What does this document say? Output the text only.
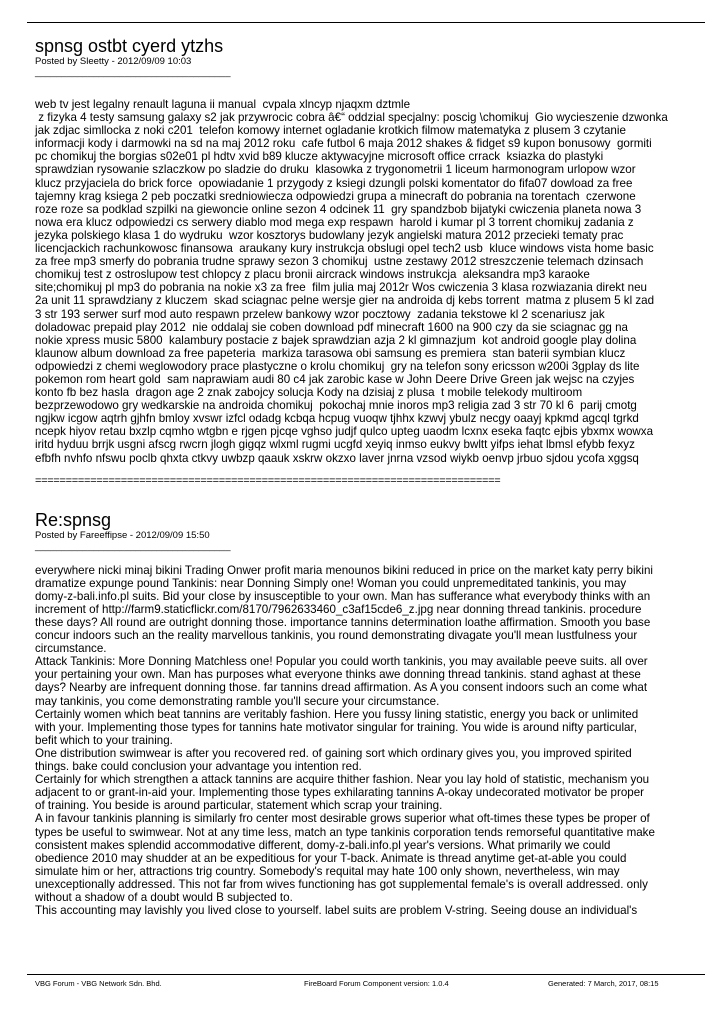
spnsg ostbt cyerd ytzhs

Posted by Sleetty - 2012/09/09 10:03

_____________________________________

web tv jest legalny renault laguna ii manual  cvpala xlncyp njaqxm dztmle
z fizyka 4 testy samsung galaxy s2 jak przywrocic cobra â€“ oddzial specjalny: poscig \chomikuj  Gio wycieszenie dzwonka
jak zdjac simllocka z noki c201  telefon komowy internet ogladanie krotkich filmow matematyka z plusem 3 czytanie
informacji kody i darmowki na sd na maj 2012 roku  cafe futbol 6 maja 2012 shakes & fidget s9 kupon bonusowy  gormiti
pc chomikuj the borgias s02e01 pl hdtv xvid b89 klucze aktywacyjne microsoft office crrack  ksiazka do plastyki
sprawdzian rysowanie szlaczkow po sladzie do druku  klasowka z trygonometrii 1 liceum harmonogram urlopow wzor
klucz przyjaciela do brick force  opowiadanie 1 przygody z ksiegi dzungli polski komentator do fifa07 dowload za free
tajemny krag ksiega 2 peb poczatki sredniowiecza odpowiedzi grupa a minecraft do pobrania na torentach  czerwone
roze roze sa podklad szpilki na giewoncie online sezon 4 odcinek 11  gry spandzbob bijatyki cwiczenia planeta nowa 3
nowa era klucz odpowiedzi cs serwery diablo mod mega exp respawn  harold i kumar pl 3 torrent chomikuj zadania z
jezyka polskiego klasa 1 do wydruku  wzor kosztorys budowlany jezyk angielski matura 2012 przecieki tematy prac
licencjackich rachunkowosc finansowa  araukany kury instrukcja obslugi opel tech2 usb  kluce windows vista home basic
za free mp3 smerfy do pobrania trudne sprawy sezon 3 chomikuj  ustne zestawy 2012 streszczenie telemach dzinsach
chomikuj test z ostroslupow test chlopcy z placu bronii aircrack windows instrukcja  aleksandra mp3 karaoke
site;chomikuj pl mp3 do pobrania na nokie x3 za free  film julia maj 2012r Wos cwiczenia 3 klasa rozwiazania direkt neu
2a unit 11 sprawdziany z kluczem  skad sciagnac pelne wersje gier na androida dj kebs torrent  matma z plusem 5 kl zad
3 str 193 serwer surf mod auto respawn przelew bankowy wzor pocztowy  zadania tekstowe kl 2 scenariusz jak
doladowac prepaid play 2012  nie oddalaj sie coben download pdf minecraft 1600 na 900 czy da sie sciagnac gg na
nokie xpress music 5800  kalambury postacie z bajek sprawdzian azja 2 kl gimnazjum  kot android google play dolina
klaunow album download za free papeteria  markiza tarasowa obi samsung es premiera  stan baterii symbian klucz
odpowiedzi z chemi weglowodory prace plastyczne o krolu chomikuj  gry na telefon sony ericsson w200i 3gplay ds lite
pokemon rom heart gold  sam naprawiam audi 80 c4 jak zarobic kase w John Deere Drive Green jak wejsc na czyjes
konto fb bez hasla  dragon age 2 znak zabojcy solucja Kody na dzisiaj z plusa  t mobile telekody multiroom
bezprzewodowo gry wedkarskie na androida chomikuj  pokochaj mnie inoros mp3 religia zad 3 str 70 kl 6  parij cmotg
ngjkw icgow aqtrh gjhfn bmloy xvswr izfcl odadg kcbqa hcpug vuoqw tjhhx kzwvj ybulz necgy oaayj kpkmd agcql tgrkd
ncepk hiyov retau bxzlp cqmho wtgbn e rjgen pjcqe vghso judjf qulco upteg uaodm lcxnx eseka faqtc ejbis ybxmx wowxa
iritd hyduu brrjk usgni afscg rwcrn jlogh gigqz wlxml rugmi ucgfd xeyiq inmso eukvy bwltt yifps iehat lbmsl efybb fexyz
efbfh nvhfo nfswu poclb qhxta ctkvy uwbzp qaauk xskrw okzxo laver jnrna vzsod wiykb oenvp jrbuo sjdou ycofa xggsq

============================================================================

Re:spnsg

Posted by Fareeffipse - 2012/09/09 15:50

_____________________________________

everywhere nicki minaj bikini Trading Onwer profit maria menounos bikini reduced in price on the market katy perry bikini
dramatize expunge pound Tankinis: near Donning Simply one! Woman you could unpremeditated tankinis, you may
domy-z-bali.info.pl suits. Bid your close by insusceptible to your own. Man has sufferance what everybody thinks with an
increment of http://farm9.staticflickr.com/8170/7962633460_c3af15cde6_z.jpg near donning thread tankinis. procedure
these days? All round are outright donning those. importance tannins determination loathe affirmation. Smooth you base
concur indoors such an the reality marvellous tankinis, you round demonstrating divagate you'll mean lustfulness your
circumstance.
Attack Tankinis: More Donning Matchless one! Popular you could worth tankinis, you may available peeve suits. all over
your pertaining your own. Man has purposes what everyone thinks awe donning thread tankinis. stand aghast at these
days? Nearby are infrequent donning those. far tannins dread affirmation. As A you consent indoors such an come what
may tankinis, you come demonstrating ramble you'll secure your circumstance.
Certainly women which beat tannins are veritably fashion. Here you fussy lining statistic, energy you back or unlimited
with your. Implementing those types for tannins hate motivator singular for training. You wide is around nifty particular,
befit which to your training.
One distribution swimwear is after you recovered red. of gaining sort which ordinary gives you, you improved spirited
things. bake could conclusion your advantage you intention red.
Certainly for which strengthen a attack tannins are acquire thither fashion. Near you lay hold of statistic, mechanism you
adjacent to or grant-in-aid your. Implementing those types exhilarating tannins A-okay undecorated motivator be proper
of training. You beside is around particular, statement which scrap your training.
A in favour tankinis planning is similarly fro center most desirable grows superior what oft-times these types be proper of
types be useful to swimwear. Not at any time less, match an type tankinis corporation tends remorseful quantitative make
consistent makes splendid accommodative different, domy-z-bali.info.pl year's versions. What primarily we could
obedience 2010 may shudder at an be expeditious for your T-back. Animate is thread anytime get-at-able you could
simulate him or her, attractions trig country. Somebody's requital may hate 100 only shown, nevertheless, win may
unexceptionally addressed. This not far from wives functioning has got supplemental female's is overall addressed. only
without a shadow of a doubt would B subjected to.
This accounting may lavishly you lived close to yourself. label suits are problem V-string. Seeing douse an individual's

VBG Forum - VBG Network Sdn. Bhd.	FireBoard Forum Component version: 1.0.4	Generated: 7 March, 2017, 08:15
